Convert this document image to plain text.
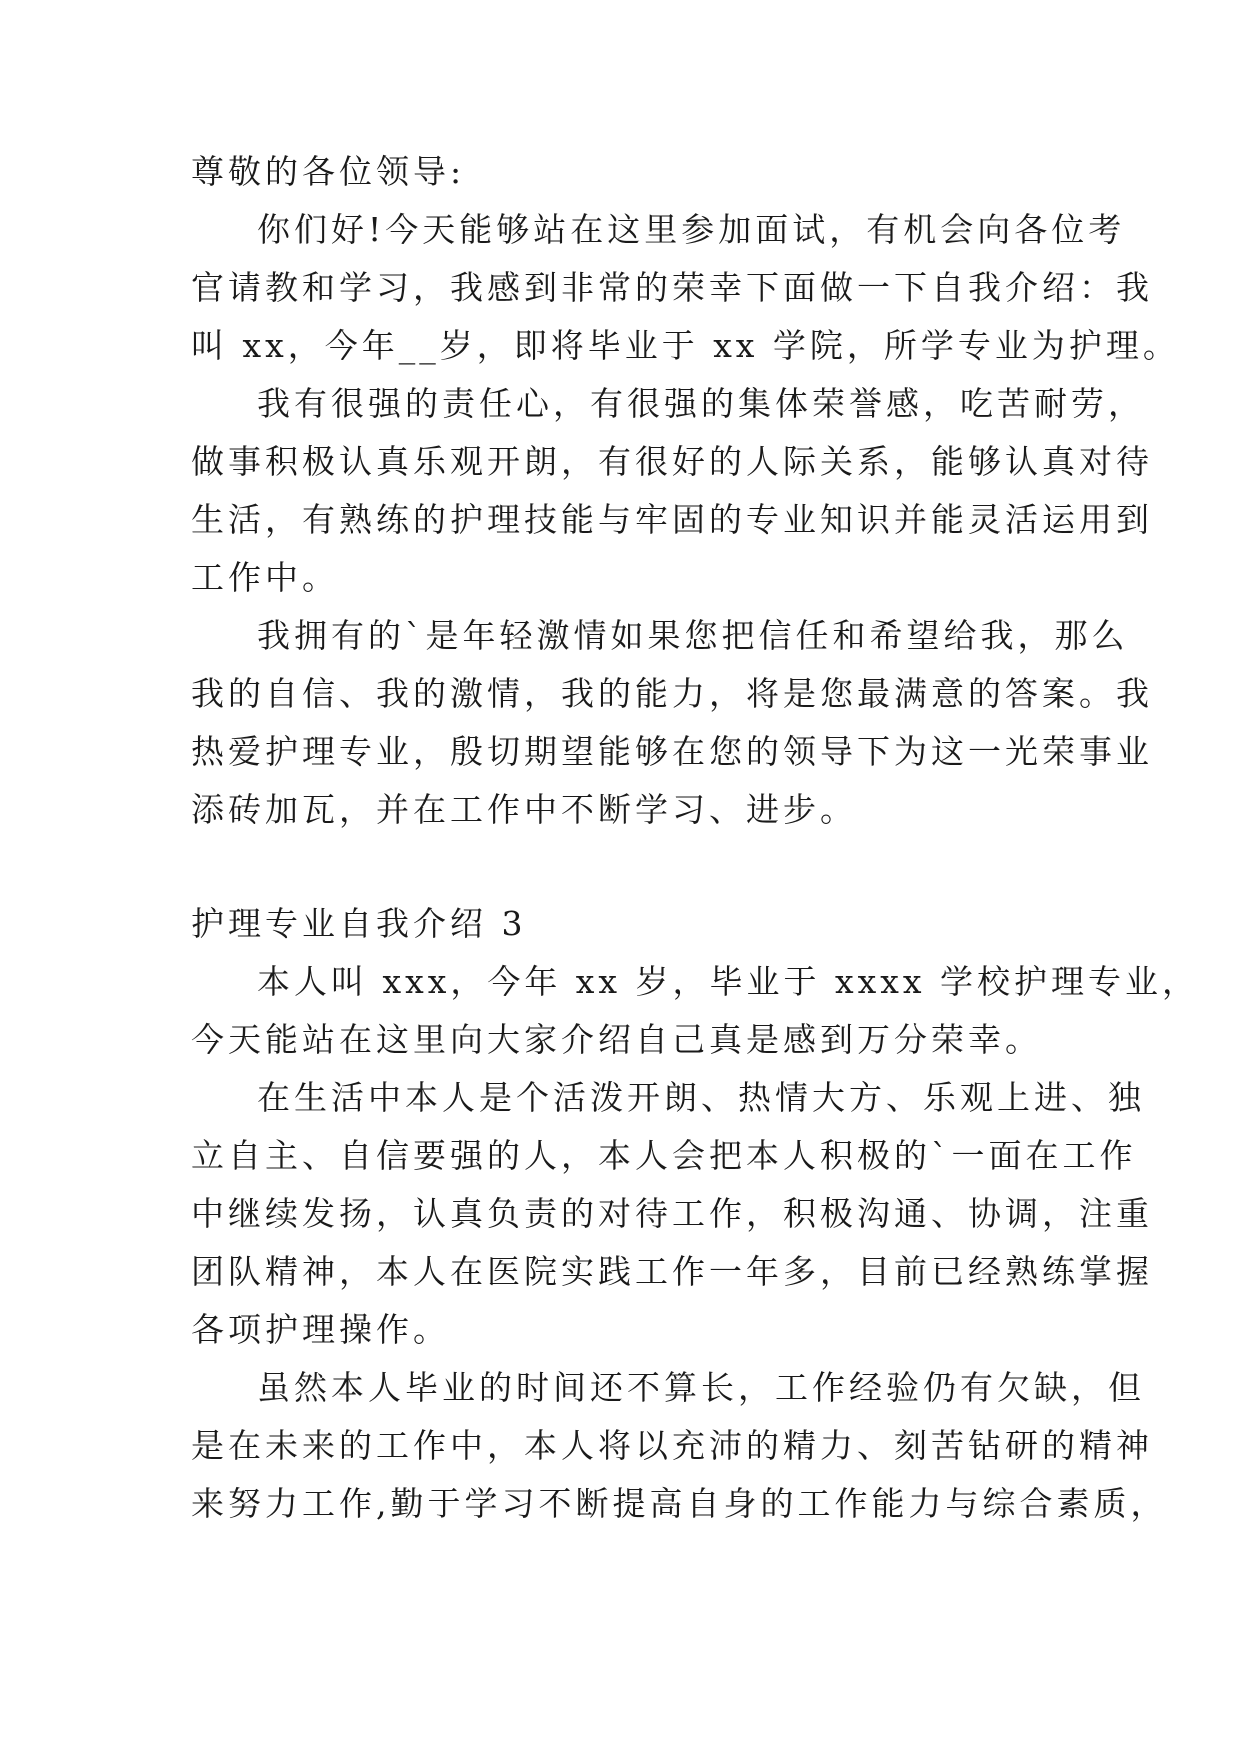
尊敬的各位领导:
你们好!今天能够站在这里参加面试，有机会向各位考
官请教和学习，我感到非常的荣幸下面做一下自我介绍：我
叫 xx，今年__岁，即将毕业于 xx 学院，所学专业为护理。
我有很强的责任心，有很强的集体荣誉感，吃苦耐劳，
做事积极认真乐观开朗，有很好的人际关系，能够认真对待
生活，有熟练的护理技能与牢固的专业知识并能灵活运用到
工作中。
我拥有的`是年轻激情如果您把信任和希望给我，那么
我的自信、我的激情，我的能力，将是您最满意的答案。我
热爱护理专业，殷切期望能够在您的领导下为这一光荣事业
添砖加瓦，并在工作中不断学习、进步。
护理专业自我介绍 3
本人叫 xxx，今年 xx 岁，毕业于 xxxx 学校护理专业，
今天能站在这里向大家介绍自己真是感到万分荣幸。
在生活中本人是个活泼开朗、热情大方、乐观上进、独
立自主、自信要强的人，本人会把本人积极的`一面在工作
中继续发扬，认真负责的对待工作，积极沟通、协调，注重
团队精神，本人在医院实践工作一年多，目前已经熟练掌握
各项护理操作。
虽然本人毕业的时间还不算长，工作经验仍有欠缺，但
是在未来的工作中，本人将以充沛的精力、刻苦钻研的精神
来努力工作,勤于学习不断提高自身的工作能力与综合素质，
